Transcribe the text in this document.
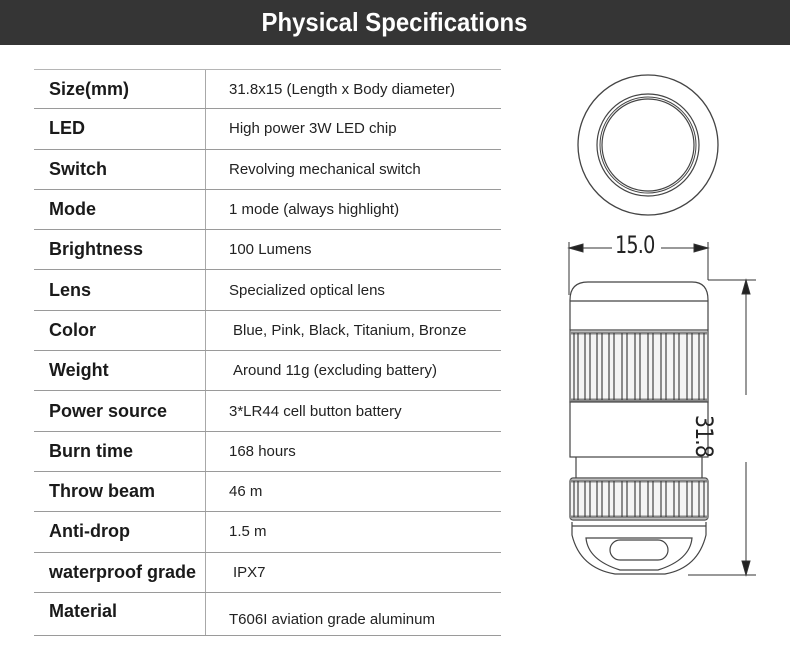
Physical Specifications
Size(mm)	31.8x15 (Length x Body diameter)
LED	High power 3W LED chip
Switch	Revolving mechanical switch
Mode	1 mode (always highlight)
Brightness	100 Lumens
Lens	Specialized optical lens
Color	Blue, Pink, Black, Titanium, Bronze
Weight	Around 11g (excluding battery)
Power source	3*LR44 cell button battery
Burn time	168 hours
Throw beam	46 m
Anti-drop	1.5 m
waterproof grade	IPX7
Material	T606I aviation grade aluminum
15.0
31.8
